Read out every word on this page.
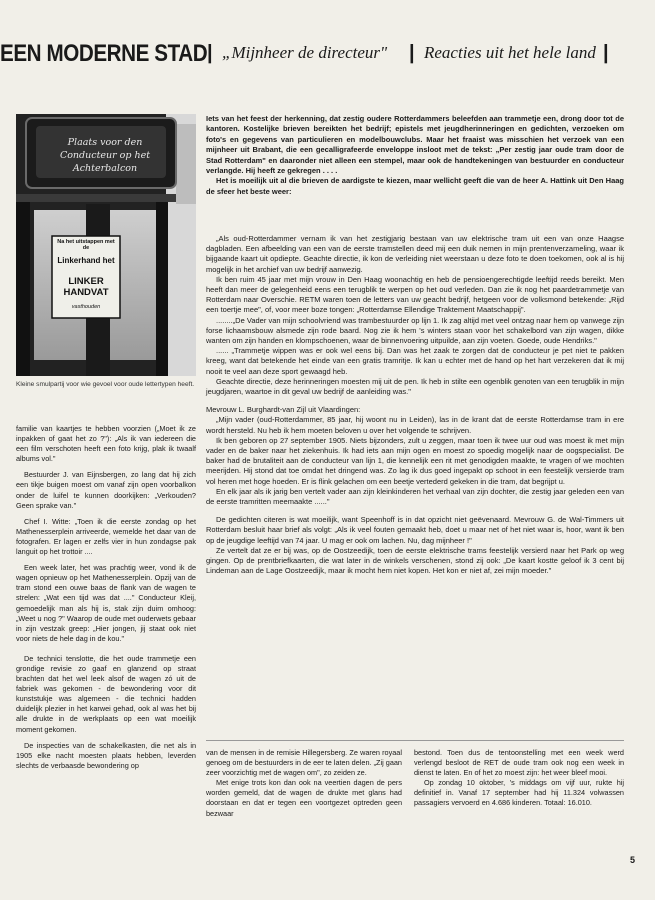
EEN MODERNE STAD | „Mijnheer de directeur" | Reacties uit het hele land |
Plaats voor den Conducteur op het Achterbalcon
Na het uitstappen met de
Linkerhand het
LINKER HANDVAT
vasthouden
Kleine smulpartij voor wie gevoel voor oude lettertypen heeft.

Iets van het feest der herkenning, dat zestig oudere Rotterdammers beleefden aan trammetje een, drong door tot de kantoren. Kostelijke brieven bereikten het bedrijf; epistels met jeugdherinneringen en gedichten, verzoeken om foto's en gegevens van particulieren en modelbouwclubs. Maar het fraaist was misschien het verzoek van een mijnheer uit Brabant, die een gecalligrafeerde enveloppe insloot met de tekst: „Per zestig jaar oude tram door de Stad Rotterdam" en daaronder niet alleen een stempel, maar ook de handtekeningen van bestuurder en conducteur verlangde. Hij heeft ze gekregen . . . .

Het is moeilijk uit al die brieven de aardigste te kiezen, maar wellicht geeft die van de heer A. Hattink uit Den Haag de sfeer het beste weer:

„Als oud-Rotterdammer vernam ik van het zestigjarig bestaan van uw elektrische tram uit een van onze Haagse dagbladen. Een afbeelding van een van de eerste tramstellen deed mij een duik nemen in mijn prentenverzameling, waar ik bijgaande kaart uit opdiepte. Geachte directie, ik kon de verleiding niet weerstaan u deze foto te doen toekomen, ook al is hij mogelijk in het archief van uw bedrijf aanwezig.

Ik ben ruim 45 jaar met mijn vrouw in Den Haag woonachtig en heb de pensioengerechtigde leeftijd reeds bereikt. Men heeft dan meer de gelegenheid eens een terugblik te werpen op het oud verleden. Dan zie ik nog het paardetrammetje van Rotterdam naar Overschie. RETM waren toen de letters van uw geacht bedrijf, hetgeen voor de volksmond betekende: „Rijd een toertje mee", of, voor meer boze tongen: „Rotterdamse Ellendige Traktement Maatschappij".

........„De Vader van mijn schoolvriend was trambestuurder op lijn 1. Ik zag altijd met veel ontzag naar hem op vanwege zijn forse lichaamsbouw alsmede zijn rode baard. Nog zie ik hem 's winters staan voor het schakelbord van zijn wagen, dikke wanten om zijn handen en klompschoenen, waar de binnenvoering uitpuilde, aan zijn voeten. Goede, oude Hendriks."

...... „Trammetje wippen was er ook wel eens bij. Dan was het zaak te zorgen dat de conducteur je pet niet te pakken kreeg, want dat betekende het einde van een gratis tramritje. Ik kan u echter met de hand op het hart verzekeren dat ik mij nooit te veel aan deze sport gewaagd heb.

Geachte directie, deze herinneringen moesten mij uit de pen. Ik heb in stilte een ogenblik genoten van een terugblik in mijn jeugdjaren, waartoe in dit geval uw bedrijf de aanleiding was."

Mevrouw L. Burghardt-van Zijl uit Vlaardingen:

„Mijn vader (oud-Rotterdammer, 85 jaar, hij woont nu in Leiden), las in de krant dat de eerste Rotterdamse tram in ere wordt hersteld. Nu heb ik hem moeten beloven u over het volgende te schrijven.

Ik ben geboren op 27 september 1905. Niets bijzonders, zult u zeggen, maar toen ik twee uur oud was moest ik met mijn vader en de baker naar het ziekenhuis. Ik had iets aan mijn ogen en moest zo spoedig mogelijk naar de oogspecialist. De baker had de brutaliteit aan de conducteur van lijn 1, die kennelijk een rit met genodigden maakte, te vragen of we mochten meerijden. Hij stond dat toe omdat het dringend was. Zo lag ik dus goed ingepakt op schoot in een feestelijk versierde tram vol heren met hoge hoeden. Er is flink gelachen om een beetje vertederd gekeken in die tram, dat begrijpt u.

En elk jaar als ik jarig ben vertelt vader aan zijn kleinkinderen het verhaal van zijn dochter, die zestig jaar geleden een van de eerste tramritten meemaakte ......"

De gedichten citeren is wat moeilijk, want Speenhoff is in dat opzicht niet geëvenaard. Mevrouw G. de Wal-Timmers uit Rotterdam besluit haar brief als volgt: „Als ik veel fouten gemaakt heb, doet u maar net of het niet waar is, hoor, want ik ben op de jeugdige leeftijd van 74 jaar. U mag er ook om lachen. Nu, dag mijnheer !"

Ze vertelt dat ze er bij was, op de Oostzeedijk, toen de eerste elektrische trams feestelijk versierd naar het Park op weg gingen. Op de prentbriefkaarten, die wat later in de winkels verschenen, stond zij ook: „De kaart kostte geloof ik 3 cent bij Lindeman aan de Lage Oostzeedijk, maar ik mocht hem niet kopen. Het kon er niet af, zei mijn moeder."

familie van kaartjes te hebben voorzien („Moet ik ze inpakken of gaat het zo ?"): „Als ik van iedereen die een film verschoten heeft een foto krijg, plak ik twaalf albums vol."

Bestuurder J. van Eijnsbergen, zo lang dat hij zich een tikje buigen moest om vanaf zijn open voorbalkon onder de luifel te kunnen doorkijken: „Verkouden? Geen sprake van."

Chef I. Witte: „Toen ik die eerste zondag op het Mathenesserplein arriveerde, wemelde het daar van de fotografen. Er lagen er zelfs vier in hun zondagse pak languit op het trottoir ....

Een week later, het was prachtig weer, vond ik de wagen opnieuw op het Mathenesserplein. Opzij van de tram stond een ouwe baas de flank van de wagen te strelen: „Wat een tijd was dat ...." Conducteur Kleij, gemoedelijk man als hij is, stak zijn duim omhoog: „Weet u nog ?" Waarop de oude met ouderwets gebaar in zijn vestzak greep: „Hier jongen, jij staat ook niet voor niets de hele dag in de kou."

De technici tenslotte, die het oude trammetje een grondige revisie zo gaaf en glanzend op straat brachten dat het wel leek alsof de wagen zó uit de fabriek was gekomen - de bewondering voor dit kunststukje was algemeen - die technici hadden duidelijk plezier in het karwei gehad, ook al was het bij alle drukte in de werkplaats op een wat moeilijk moment gekomen.

De inspecties van de schakelkasten, die net als in 1905 elke nacht moesten plaats hebben, leverden slechts de verbaasde bewondering op

van de mensen in de remisie Hillegersberg. Ze waren royaal genoeg om de bestuurders in de eer te laten delen. „Zij gaan zeer voorzichtig met de wagen om", zo zeiden ze.

Met enige trots kon dan ook na veertien dagen de pers worden gemeld, dat de wagen de drukte met glans had doorstaan en dat er tegen een voortgezet optreden geen bezwaar

bestond. Toen dus de tentoonstelling met een week werd verlengd besloot de RET de oude tram ook nog een week in dienst te laten. En of het zo moest zijn: het weer bleef mooi.

Op zondag 10 oktober, 's middags om vijf uur, rukte hij definitief in. Vanaf 17 september had hij 11.324 volwassen passagiers vervoerd en 4.686 kinderen. Totaal: 16.010.

5
